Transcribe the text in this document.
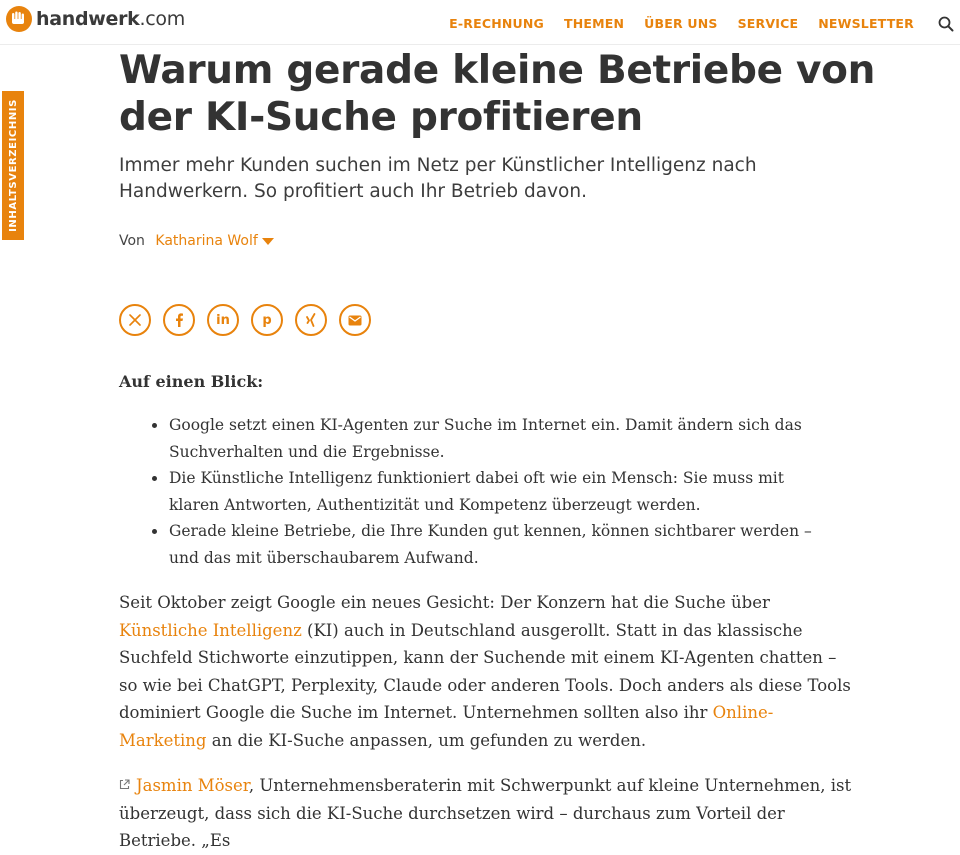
handwerk.com	E-RECHNUNG THEMEN ÜBER UNS SERVICE NEWSLETTER
INHALTSVERZEICHNIS
Warum gerade kleine Betriebe von der KI-Suche profitieren
Immer mehr Kunden suchen im Netz per Künstlicher Intelligenz nach Handwerkern. So profitiert auch Ihr Betrieb davon.
Von Katharina Wolf
in p
Auf einen Blick:
Google setzt einen KI-Agenten zur Suche im Internet ein. Damit ändern sich das Suchverhalten und die Ergebnisse.
Die Künstliche Intelligenz funktioniert dabei oft wie ein Mensch: Sie muss mit klaren Antworten, Authentizität und Kompetenz überzeugt werden.
Gerade kleine Betriebe, die Ihre Kunden gut kennen, können sichtbarer werden – und das mit überschaubarem Aufwand.

Seit Oktober zeigt Google ein neues Gesicht: Der Konzern hat die Suche über Künstliche Intelligenz (KI) auch in Deutschland ausgerollt. Statt in das klassische Suchfeld Stichworte einzutippen, kann der Suchende mit einem KI-Agenten chatten – so wie bei ChatGPT, Perplexity, Claude oder anderen Tools. Doch anders als diese Tools dominiert Google die Suche im Internet. Unternehmen sollten also ihr Online-Marketing an die KI-Suche anpassen, um gefunden zu werden.

Jasmin Möser, Unternehmensberaterin mit Schwerpunkt auf kleine Unternehmen, ist überzeugt, dass sich die KI-Suche durchsetzen wird – durchaus zum Vorteil der Betriebe. „Es
